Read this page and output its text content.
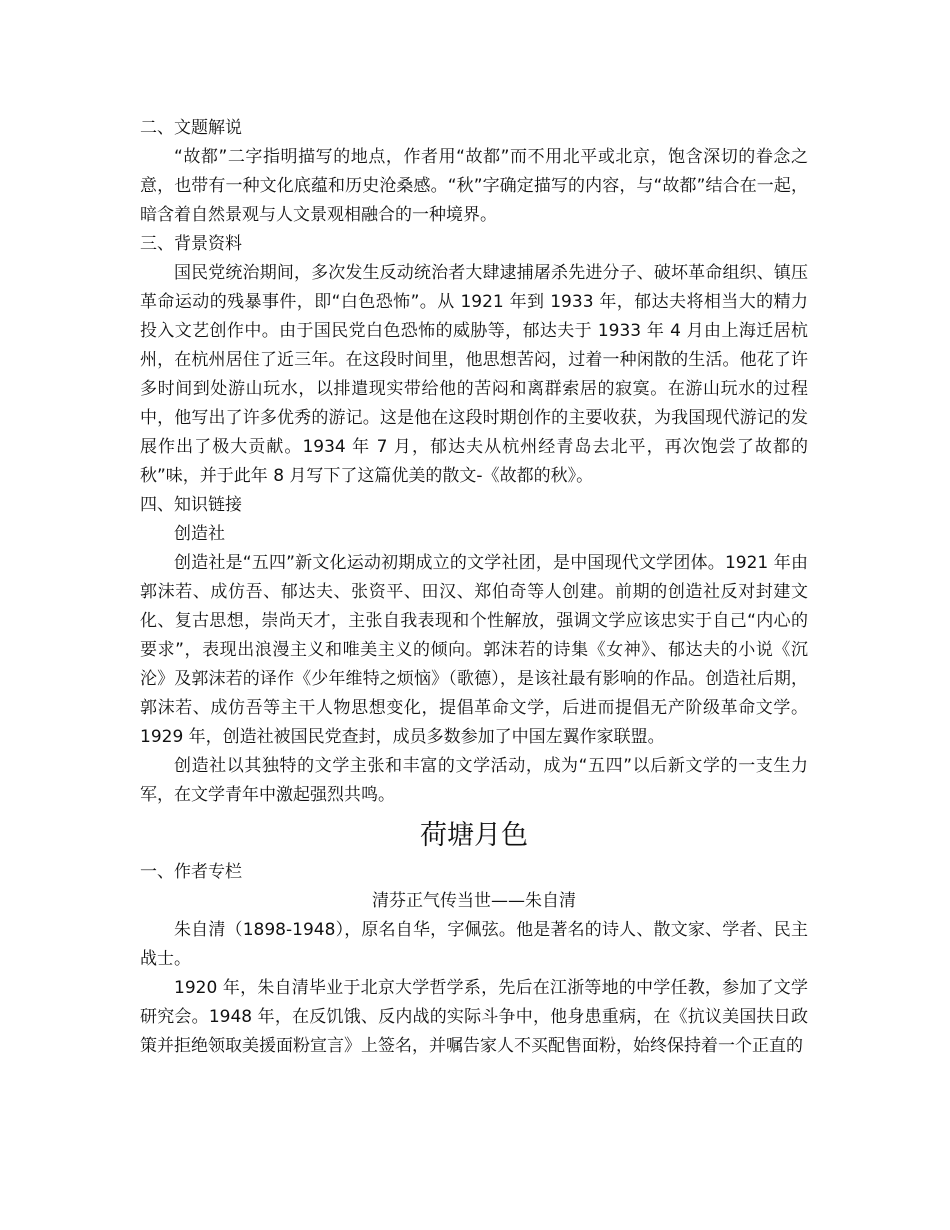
二、文题解说

“故都”二字指明描写的地点，作者用“故都”而不用北平或北京，饱含深切的眷念之意，也带有一种文化底蕴和历史沧桑感。“秋”字确定描写的内容，与“故都”结合在一起，暗含着自然景观与人文景观相融合的一种境界。

三、背景资料

国民党统治期间，多次发生反动统治者大肆逮捕屠杀先进分子、破坏革命组织、镇压革命运动的残暴事件，即“白色恐怖”。从 1921 年到 1933 年，郁达夫将相当大的精力投入文艺创作中。由于国民党白色恐怖的威胁等，郁达夫于 1933 年 4 月由上海迁居杭州，在杭州居住了近三年。在这段时间里，他思想苦闷，过着一种闲散的生活。他花了许多时间到处游山玩水，以排遣现实带给他的苦闷和离群索居的寂寞。在游山玩水的过程中，他写出了许多优秀的游记。这是他在这段时期创作的主要收获，为我国现代游记的发展作出了极大贡献。1934 年 7 月，郁达夫从杭州经青岛去北平，再次饱尝了故都的秋”味，并于此年 8 月写下了这篇优美的散文-《故都的秋》。

四、知识链接

创造社

创造社是“五四”新文化运动初期成立的文学社团，是中国现代文学团体。1921 年由郭沫若、成仿吾、郁达夫、张资平、田汉、郑伯奇等人创建。前期的创造社反对封建文化、复古思想，崇尚天才，主张自我表现和个性解放，强调文学应该忠实于自己“内心的要求”，表现出浪漫主义和唯美主义的倾向。郭沫若的诗集《女神》、郁达夫的小说《沉沦》及郭沫若的译作《少年维特之烦恼》（歌德），是该社最有影响的作品。创造社后期，郭沫若、成仿吾等主干人物思想变化，提倡革命文学，后进而提倡无产阶级革命文学。1929 年，创造社被国民党查封，成员多数参加了中国左翼作家联盟。

创造社以其独特的文学主张和丰富的文学活动，成为“五四”以后新文学的一支生力军，在文学青年中激起强烈共鸣。

荷塘月色

一、作者专栏

清芬正气传当世——朱自清

朱自清（1898-1948），原名自华，字佩弦。他是著名的诗人、散文家、学者、民主战士。

1920 年，朱自清毕业于北京大学哲学系，先后在江浙等地的中学任教，参加了文学研究会。1948 年，在反饥饿、反内战的实际斗争中，他身患重病，在《抗议美国扶日政策并拒绝领取美援面粉宣言》上签名，并嘱告家人不买配售面粉，始终保持着一个正直的
